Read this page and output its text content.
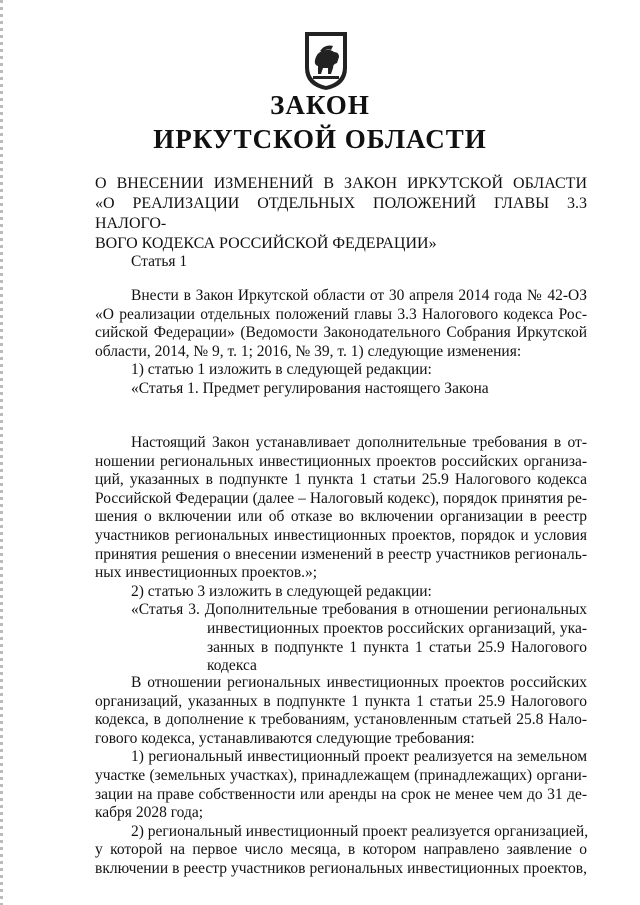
ЗАКОН
ИРКУТСКОЙ ОБЛАСТИ

О ВНЕСЕНИИ ИЗМЕНЕНИЙ В ЗАКОН ИРКУТСКОЙ ОБЛАСТИ
«О РЕАЛИЗАЦИИ ОТДЕЛЬНЫХ ПОЛОЖЕНИЙ ГЛАВЫ 3.3 НАЛОГО-
ВОГО КОДЕКСА РОССИЙСКОЙ ФЕДЕРАЦИИ»

Статья 1

Внести в Закон Иркутской области от 30 апреля 2014 года № 42-ОЗ
«О реализации отдельных положений главы 3.3 Налогового кодекса Рос-
сийской Федерации» (Ведомости Законодательного Собрания Иркутской
области, 2014, № 9, т. 1; 2016, № 39, т. 1) следующие изменения:
1) статью 1 изложить в следующей редакции:
«Статья 1. Предмет регулирования настоящего Закона

Настоящий Закон устанавливает дополнительные требования в от-
ношении региональных инвестиционных проектов российских организа-
ций, указанных в подпункте 1 пункта 1 статьи 25.9 Налогового кодекса
Российской Федерации (далее – Налоговый кодекс), порядок принятия ре-
шения о включении или об отказе во включении организации в реестр
участников региональных инвестиционных проектов, порядок и условия
принятия решения о внесении изменений в реестр участников региональ-
ных инвестиционных проектов.»;
2) статью 3 изложить в следующей редакции:
«Статья 3. Дополнительные требования в отношении региональных
инвестиционных проектов российских организаций, ука-
занных в подпункте 1 пункта 1 статьи 25.9 Налогового
кодекса

В отношении региональных инвестиционных проектов российских
организаций, указанных в подпункте 1 пункта 1 статьи 25.9 Налогового
кодекса, в дополнение к требованиям, установленным статьей 25.8 Нало-
гового кодекса, устанавливаются следующие требования:
1) региональный инвестиционный проект реализуется на земельном
участке (земельных участках), принадлежащем (принадлежащих) органи-
зации на праве собственности или аренды на срок не менее чем до 31 де-
кабря 2028 года;
2) региональный инвестиционный проект реализуется организацией,
у которой на первое число месяца, в котором направлено заявление о
включении в реестр участников региональных инвестиционных проектов,
